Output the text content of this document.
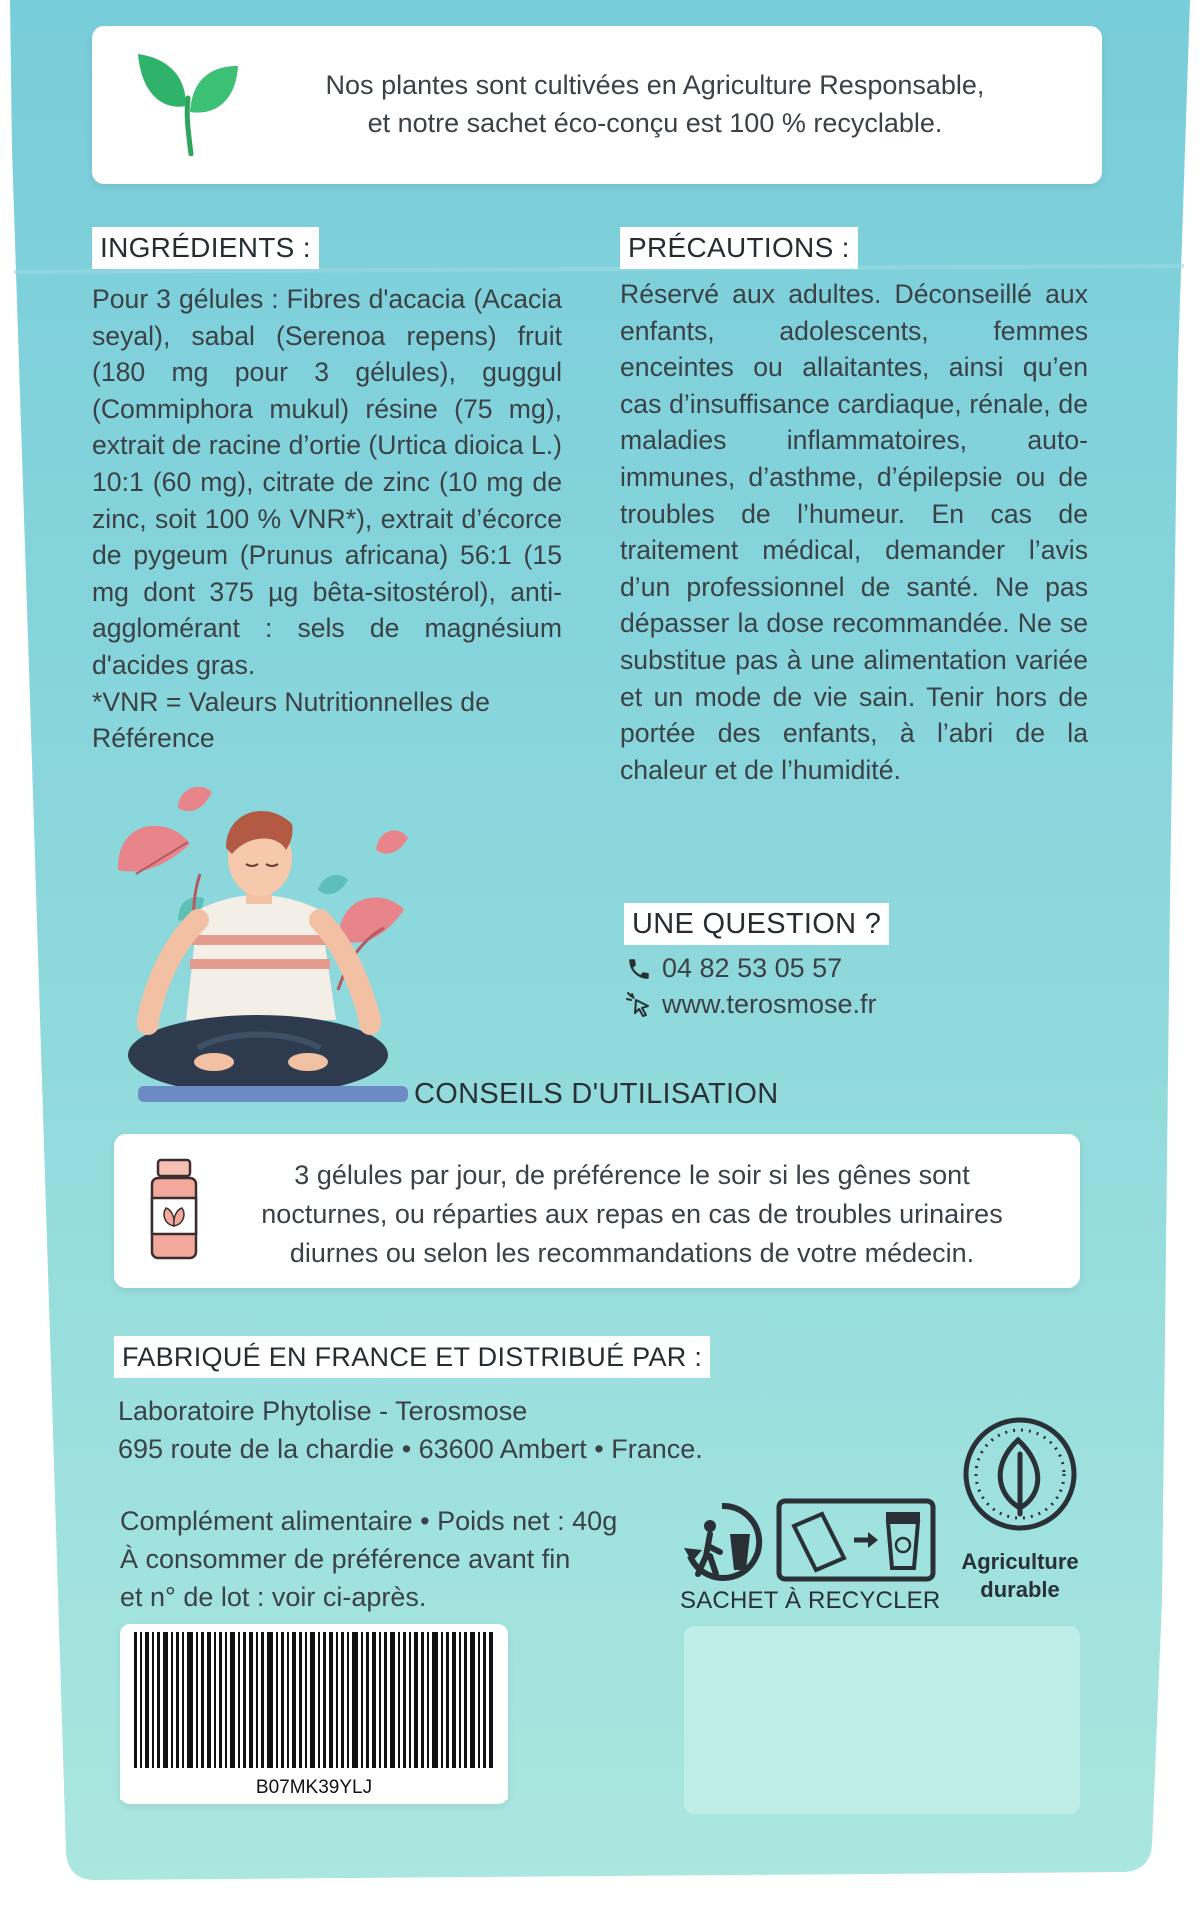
Nos plantes sont cultivées en Agriculture Responsable,
et notre sachet éco-conçu est 100 % recyclable.
INGRÉDIENTS :
Pour 3 gélules : Fibres d'acacia (Acacia seyal), sabal (Serenoa repens) fruit (180 mg pour 3 gélules), guggul (Commiphora mukul) résine (75 mg), extrait de racine d’ortie (Urtica dioica L.) 10:1 (60 mg), citrate de zinc (10 mg de zinc, soit 100 % VNR*), extrait d’écorce de pygeum (Prunus africana) 56:1 (15 mg dont 375 µg bêta-sitostérol), anti-agglomérant : sels de magnésium d'acides gras.
*VNR = Valeurs Nutritionnelles de Référence
PRÉCAUTIONS :
Réservé aux adultes. Déconseillé aux enfants, adolescents, femmes enceintes ou allaitantes, ainsi qu’en cas d’insuffisance cardiaque, rénale, de maladies inflammatoires, auto-immunes, d’asthme, d’épilepsie ou de troubles de l’humeur. En cas de traitement médical, demander l’avis d’un professionnel de santé. Ne pas dépasser la dose recommandée. Ne se substitue pas à une alimentation variée et un mode de vie sain. Tenir hors de portée des enfants, à l’abri de la chaleur et de l’humidité.
UNE QUESTION ?
04 82 53 05 57
www.terosmose.fr
CONSEILS D'UTILISATION
3 gélules par jour, de préférence le soir si les gênes sont
nocturnes, ou réparties aux repas en cas de troubles urinaires
diurnes ou selon les recommandations de votre médecin.
FABRIQUÉ EN FRANCE ET DISTRIBUÉ PAR :
Laboratoire Phytolise - Terosmose
695 route de la chardie • 63600 Ambert • France.
Complément alimentaire • Poids net : 40g
À consommer de préférence avant fin
et n° de lot : voir ci-après.	SACHET À RECYCLER
Agriculture
durable
B07MK39YLJ
